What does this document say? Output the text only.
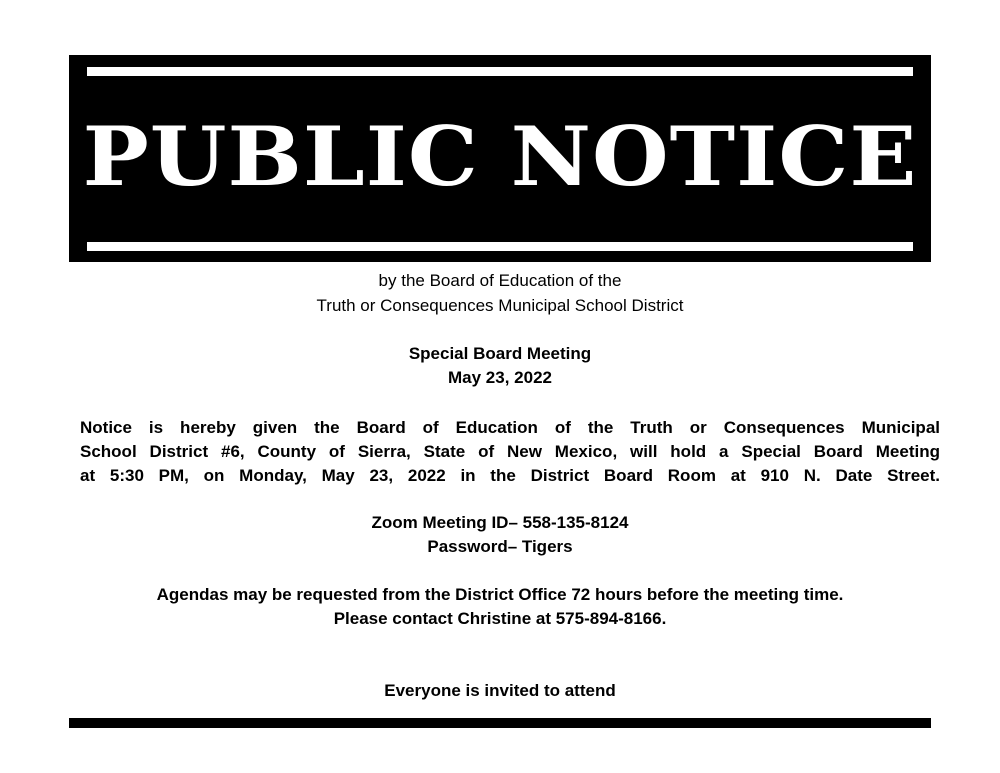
PUBLIC NOTICE
by the Board of Education of the
Truth or Consequences Municipal School District
Special Board Meeting
May 23, 2022
Notice is hereby given the Board of Education of the Truth or Consequences Municipal
School District #6, County of Sierra, State of New Mexico, will hold a Special Board Meeting
at 5:30 PM, on Monday, May 23, 2022 in the District Board Room at 910 N. Date Street.
Zoom Meeting ID– 558-135-8124
Password– Tigers
Agendas may be requested from the District Office 72 hours before the meeting time.
Please contact Christine at 575-894-8166.
Everyone is invited to attend
